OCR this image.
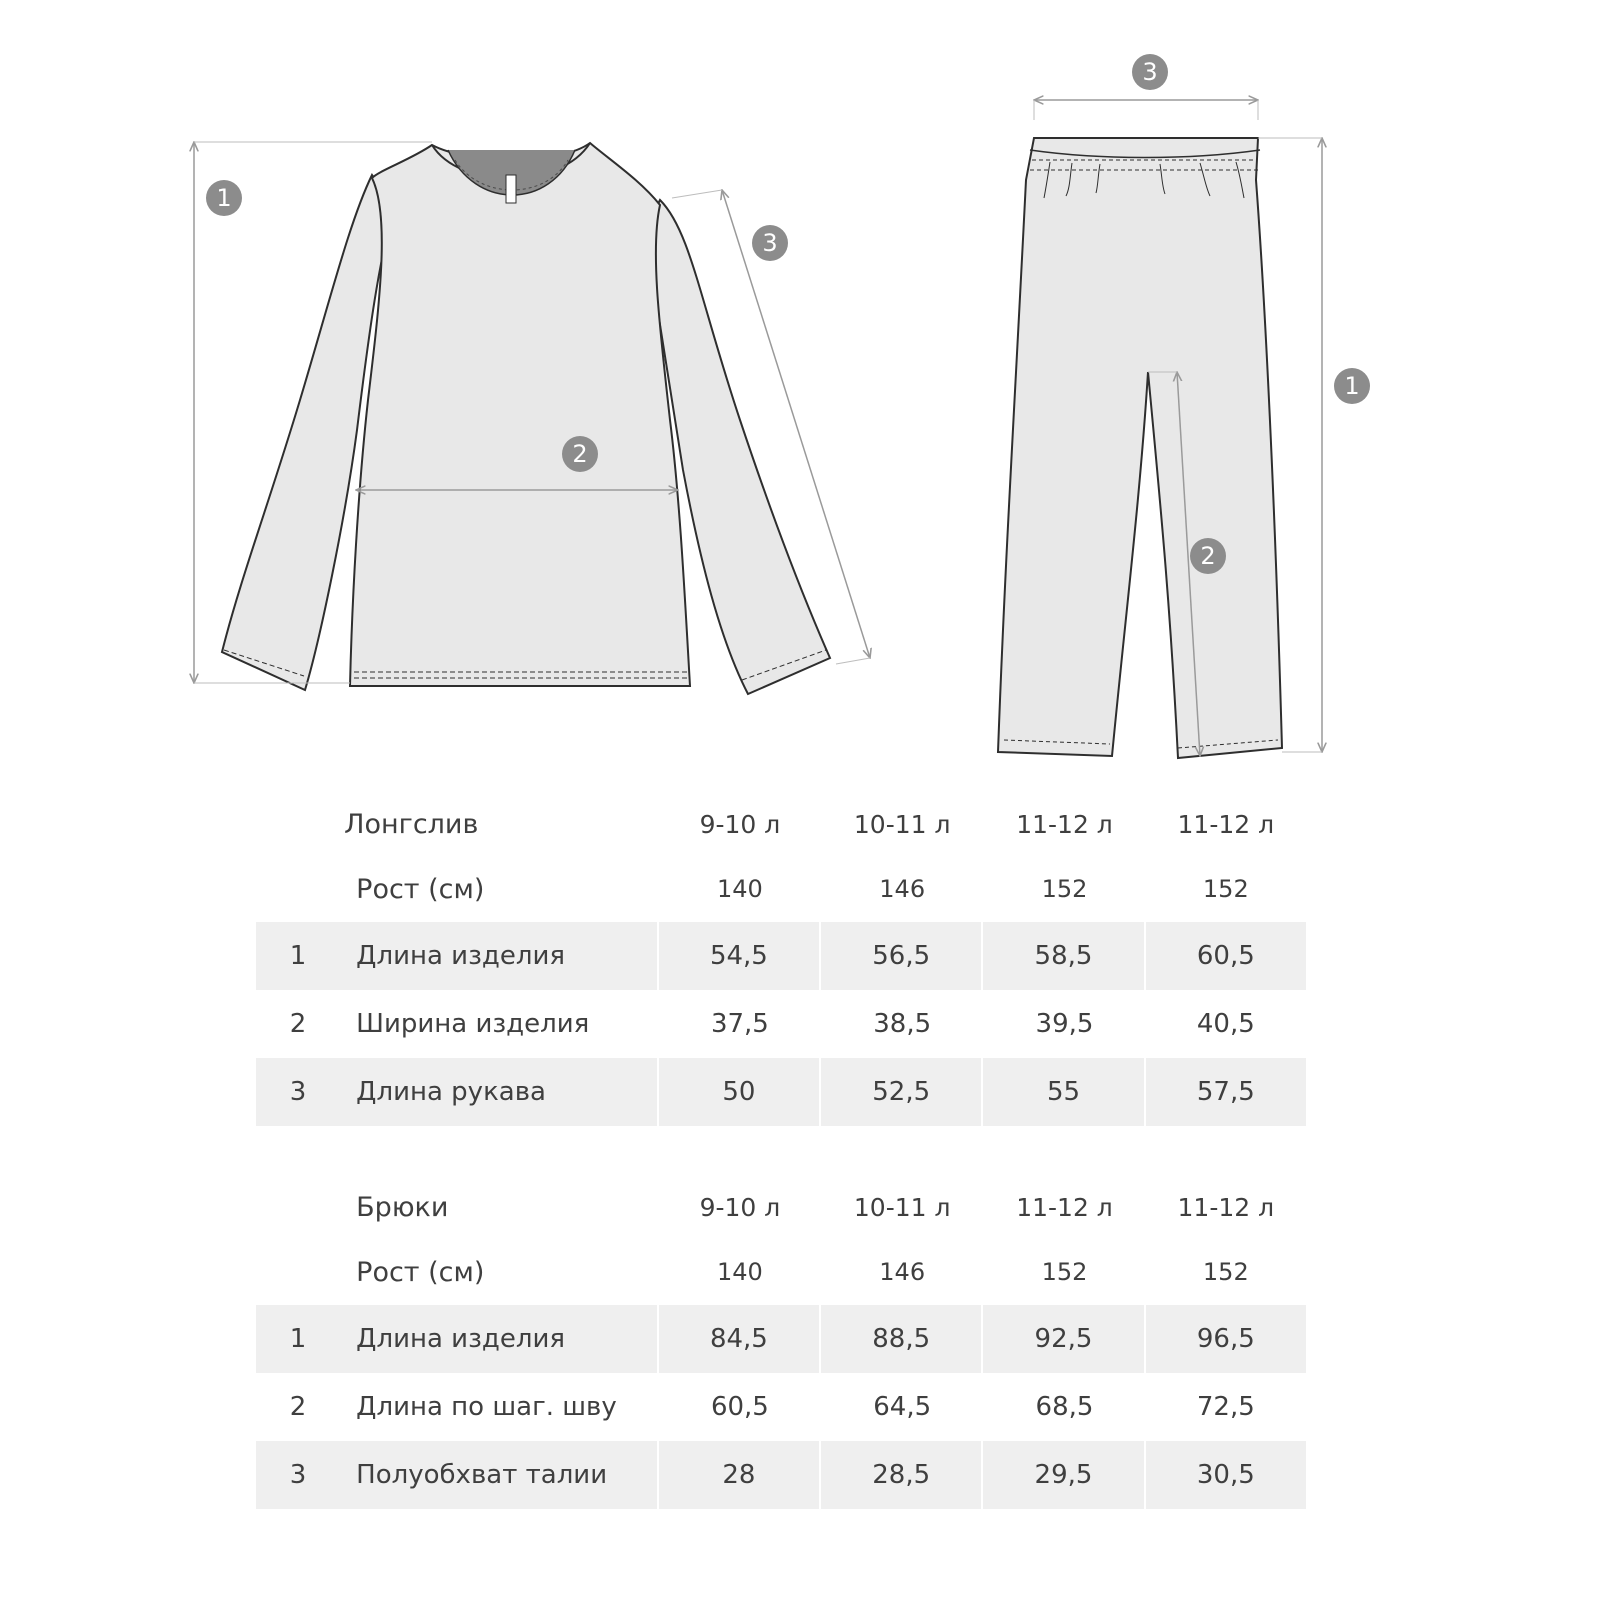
1
2
3
3
1
2
	Лонгслив	9-10 л	10-11 л	11-12 л	11-12 л
	Рост (см)	140	146	152	152
1	Длина изделия	54,5	56,5	58,5	60,5
2	Ширина изделия	37,5	38,5	39,5	40,5
3	Длина рукава	50	52,5	55	57,5
	Брюки	9-10 л	10-11 л	11-12 л	11-12 л
	Рост (см)	140	146	152	152
1	Длина изделия	84,5	88,5	92,5	96,5
2	Длина по шаг. шву	60,5	64,5	68,5	72,5
3	Полуобхват талии	28	28,5	29,5	30,5
